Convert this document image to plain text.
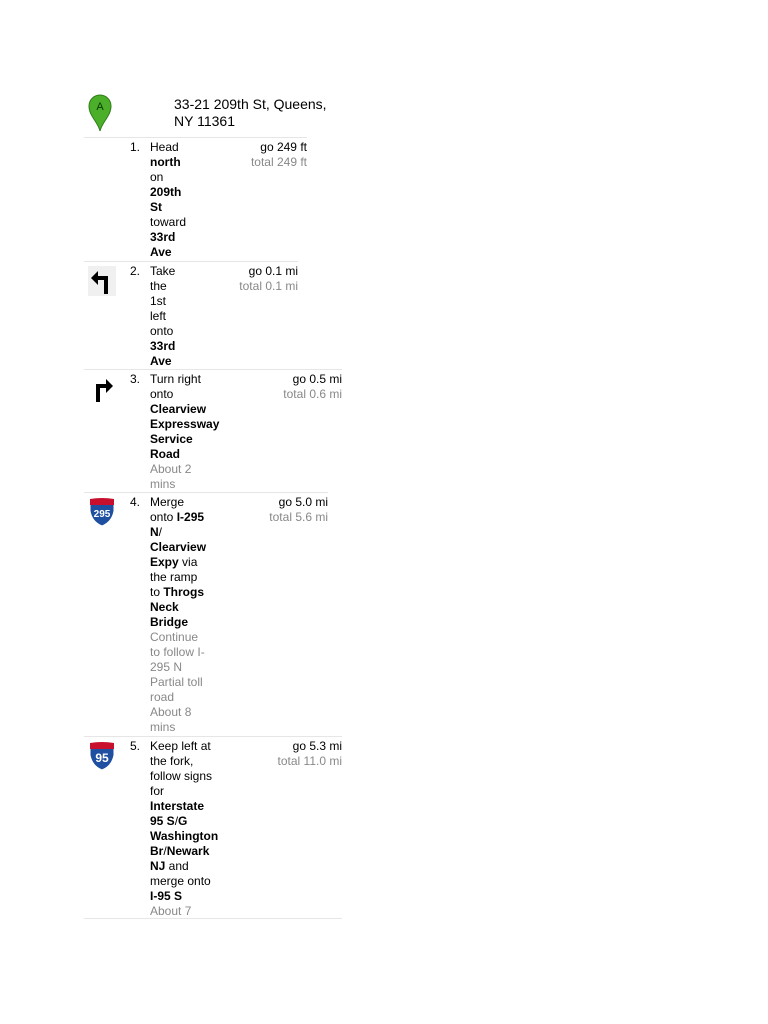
A	33-21 209th St, Queens,
NY 11361
1. Head
north
on
209th
St
toward
33rd
Ave
go 249 ft
total 249 ft
2. Take
the
1st
left
onto
33rd
Ave
go 0.1 mi
total 0.1 mi
3. Turn right
onto
Clearview
Expressway
Service
Road
About 2
mins
go 0.5 mi
total 0.6 mi
295
4. Merge
onto I-295
N/
Clearview
Expy via
the ramp
to Throgs
Neck
Bridge
Continue
to follow I-
295 N
Partial toll
road
About 8
mins
go 5.0 mi
total 5.6 mi
95
5. Keep left at
the fork,
follow signs
for
Interstate
95 S/G
Washington
Br/Newark
NJ and
merge onto
I-95 S
About 7
go 5.3 mi
total 11.0 mi
